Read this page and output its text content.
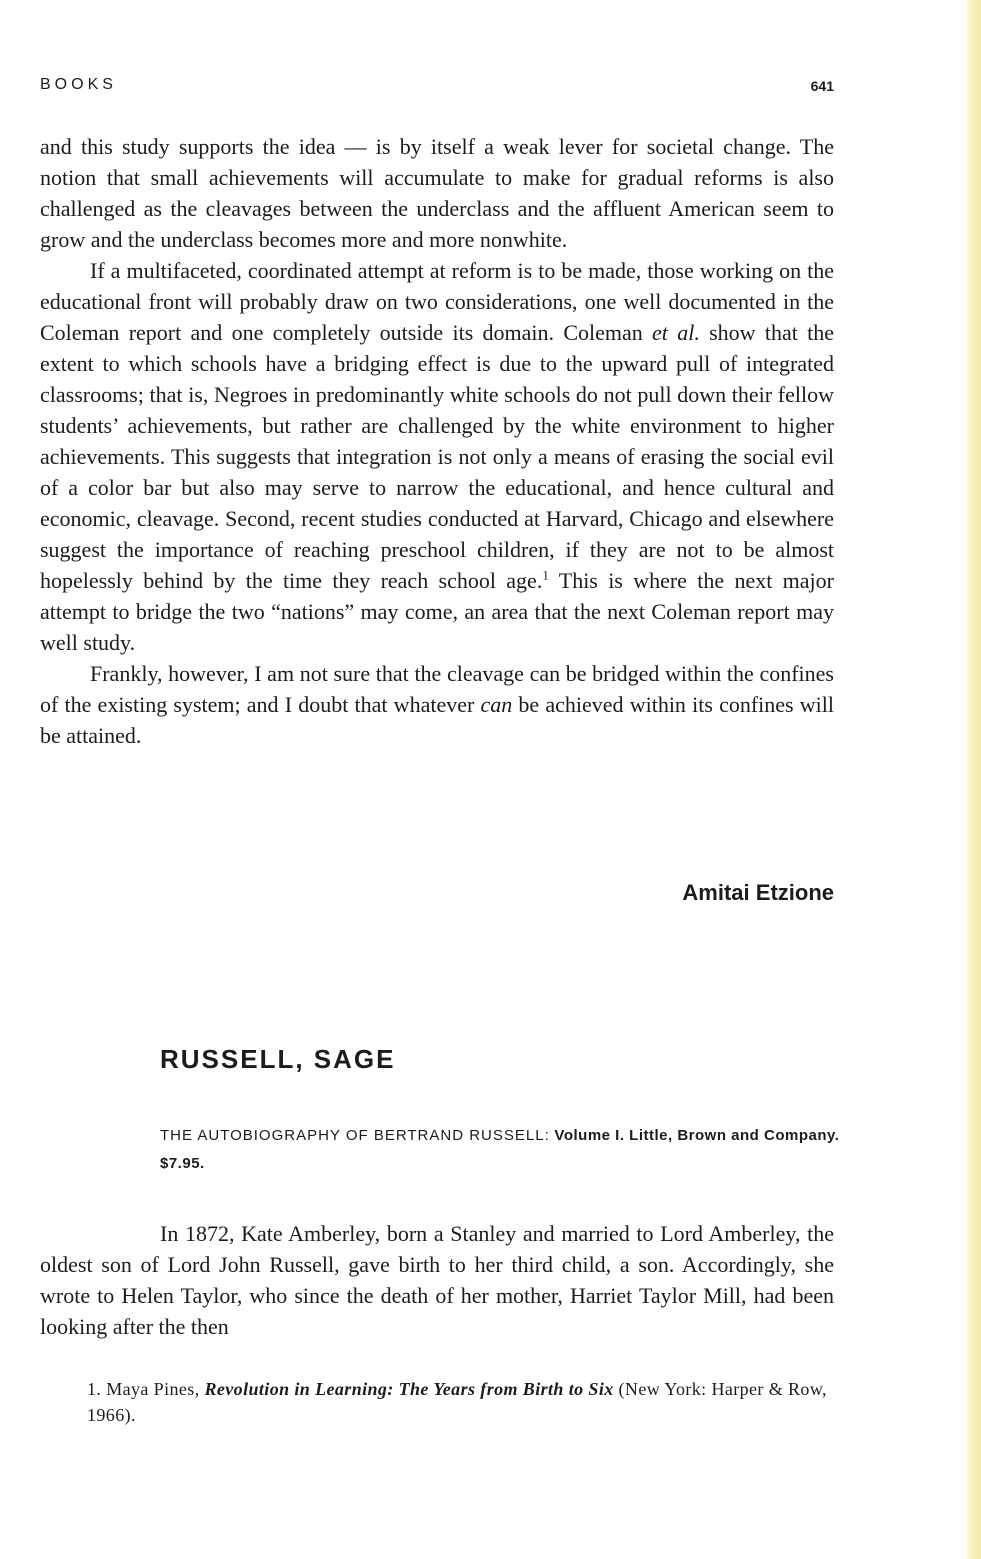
BOOKS	641

and this study supports the idea — is by itself a weak lever for societal change. The notion that small achievements will accumulate to make for gradual reforms is also challenged as the cleavages between the underclass and the affluent American seem to grow and the underclass becomes more and more nonwhite.

If a multifaceted, coordinated attempt at reform is to be made, those working on the educational front will probably draw on two considerations, one well documented in the Coleman report and one completely outside its domain. Coleman et al. show that the extent to which schools have a bridging effect is due to the upward pull of integrated classrooms; that is, Negroes in predominantly white schools do not pull down their fellow students’ achievements, but rather are challenged by the white environment to higher achievements. This suggests that integration is not only a means of erasing the social evil of a color bar but also may serve to narrow the educational, and hence cultural and economic, cleavage. Second, recent studies conducted at Harvard, Chicago and elsewhere suggest the importance of reaching preschool children, if they are not to be almost hopelessly behind by the time they reach school age.$^1$ This is where the next major attempt to bridge the two “nations” may come, an area that the next Coleman report may well study.

Frankly, however, I am not sure that the cleavage can be bridged within the confines of the existing system; and I doubt that whatever can be achieved within its confines will be attained.

Amitai Etzione
RUSSELL, SAGE
THE AUTOBIOGRAPHY OF BERTRAND RUSSELL: Volume I. Little, Brown and Company. $7.95.

In 1872, Kate Amberley, born a Stanley and married to Lord Amberley, the oldest son of Lord John Russell, gave birth to her third child, a son. Accordingly, she wrote to Helen Taylor, who since the death of her mother, Harriet Taylor Mill, had been looking after the then

1. Maya Pines, Revolution in Learning: The Years from Birth to Six (New York: Harper & Row, 1966).
